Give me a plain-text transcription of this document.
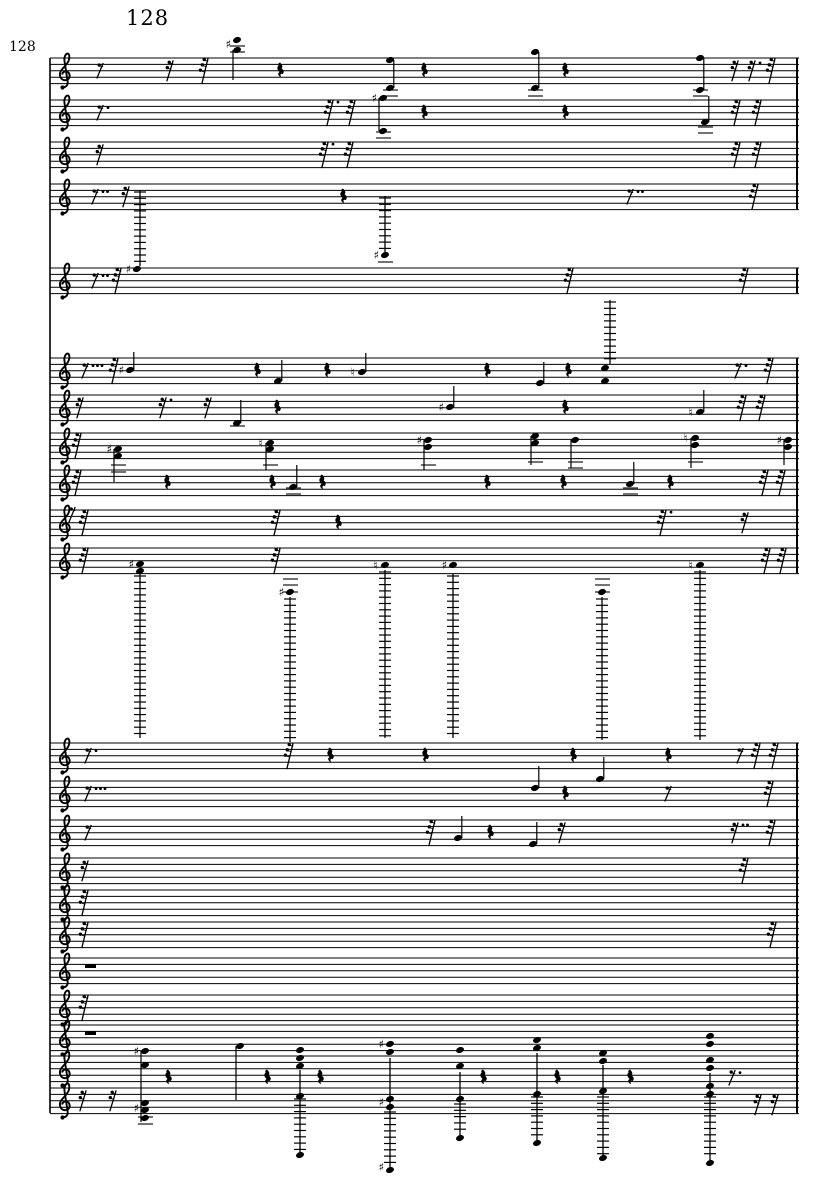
128
128	♯
♯
♯
♯
♯	♮
♯	♮
♯	♮	♯	♮	♯
♯
♯
♮	♯	♮
♯	♯
♯	♯
♯
